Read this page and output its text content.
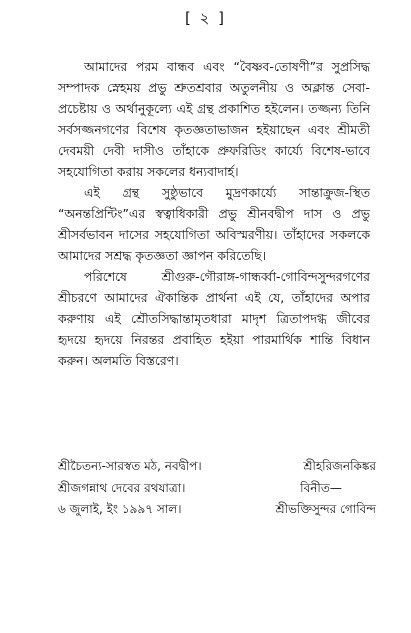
[ ২ ]

আমাদের পরম বান্ধব এবং “বৈষ্ণব-তোষণী”র সুপ্রসিদ্ধ সম্পাদক স্নেহময় প্রভু শ্রুতশ্রবার অতুলনীয় ও অক্লান্ত সেবা-প্রচেষ্টায় ও অর্থানুকূল্যে এই গ্রন্থ প্রকাশিত হইলেন। তজ্জন্য তিনি সর্বসজ্জনগণের বিশেষ কৃতজ্ঞতাভাজন হইয়াছেন এবং শ্রীমতী দেবময়ী দেবী দাসীও তাঁহাকে প্রুফরিডিং কার্য্যে বিশেষ-ভাবে সহযোগিতা করায় সকলের ধন্যবাদার্হ।

এই গ্রন্থ সুষ্ঠুভাবে মুদ্রণকার্য্যে সান্তাক্রুজ-স্থিত “অনন্তপ্রিন্টিং”এর স্বত্বাধিকারী প্রভু শ্রীনবদ্বীপ দাস ও প্রভু শ্রীসর্বভাবন দাসের সহযোগিতা অবিস্মরণীয়। তাঁহাদের সকলকে আমাদের সশ্রদ্ধ কৃতজ্ঞতা জ্ঞাপন করিতেছি।

পরিশেষে শ্রীগুরু-গৌরাঙ্গ-গান্ধর্ব্বা-গোবিন্দসুন্দরগণের শ্রীচরণে আমাদের ঐকান্তিক প্রার্থনা এই যে, তাঁহাদের অপার করুণায় এই শ্রৌতসিদ্ধান্তামৃতধারা মাদৃশ ত্রিতাপদগ্ধ জীবের হৃদয়ে হৃদয়ে নিরন্তর প্রবাহিত হইয়া পারমার্থিক শান্তি বিধান করুন। অলমতি বিস্তরেণ।

শ্রীচৈতন্য-সারস্বত মঠ, নবদ্বীপ।	শ্রীহরিজনকিঙ্কর
শ্রীজগন্নাথ দেবের রথযাত্রা।	বিনীত—
৬ জুলাই, ইং ১৯৯৭ সাল।	শ্রীভক্তিসুন্দর গোবিন্দ
